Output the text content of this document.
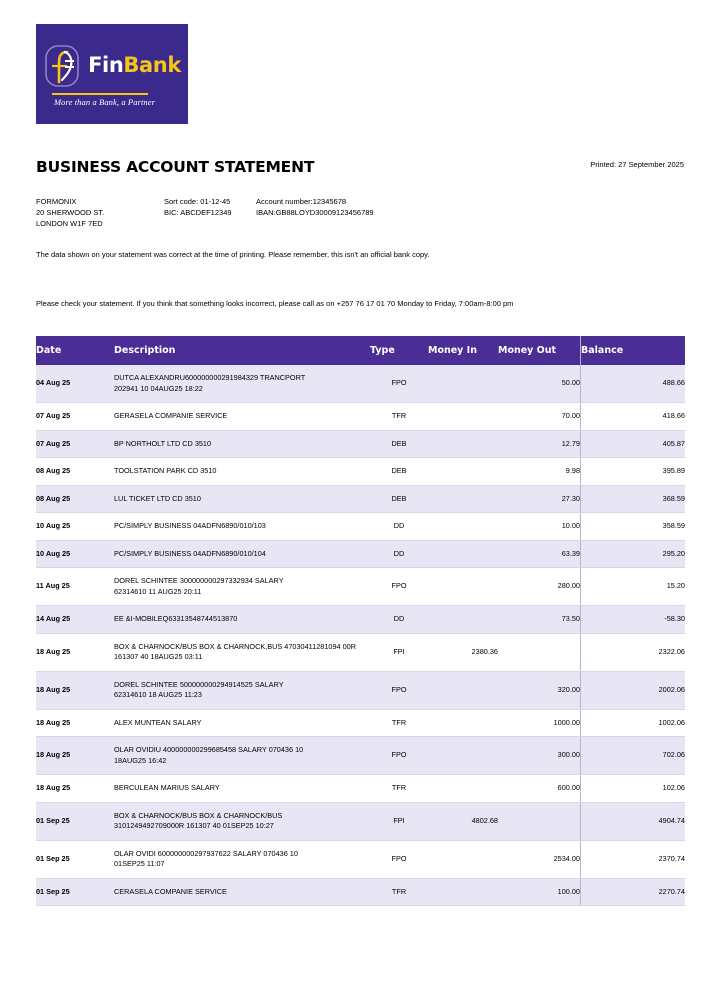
FinBank
More than a Bank, a Partner
BUSINESS ACCOUNT STATEMENT	Printed: 27 September 2025
FORMONIX
20 SHERWOOD ST.
LONDON W1F 7ED
Sort code: 01-12-45	Account number:12345678
BIC: ABCDEF12349	IBAN:GB88LOYD30009123456789
The data shown on your statement was correct at the time of printing. Please remember, this isn't an official bank copy.
Please check your statement. If you think that something looks incorrect, please call as on +257 76 17 01 70 Monday to Friday, 7:00am-8:00 pm
Date	Description	Type	Money In	Money Out	Balance
04 Aug 25	DUTCA ALEXANDRU600000000291984329 TRANCPORT
202941 10 04AUG25 18:22	FPO		50.00	488.66
07 Aug 25	GERASELA COMPANIE SERVICE	TFR		70.00	418.66
07 Aug 25	BP NORTHOLT LTD CD 3510	DEB		12.79	405.87
08 Aug 25	TOOLSTATION PARK CD 3510	DEB		9.98	395.89
08 Aug 25	LUL TICKET LTD CD 3510	DEB		27.30	368.59
10 Aug 25	PC/SIMPLY BUSINESS 04ADFN6890/010/103	DD		10.00	358.59
10 Aug 25	PC/SIMPLY BUSINESS 04ADFN6890/010/104	DD		63.39	295.20
11 Aug 25	DOREL SCHINTEE 300000000297332934 SALARY
62314610 11 AUG25 20:11	FPO		280.00	15.20
14 Aug 25	EE &I-MOBILEQ63313548744513870	DD		73.50	-58.30
18 Aug 25	BOX & CHARNOCK/BUS BOX & CHARNOCK,BUS 47030411281094 00R
161307 40 18AUG25 03:11	FPI	2380.36		2322.06
18 Aug 25	DOREL SCHINTEE 500000000294914525 SALARY
62314610 18 AUG25 11:23	FPO		320.00	2002.06
18 Aug 25	ALEX MUNTEAN SALARY	TFR		1000.00	1002.06
18 Aug 25	OLAR OVIDIU 400000000299685458 SALARY 070436 10
18AUG25 16:42	FPO		300.00	702.06
18 Aug 25	BERCULEAN MARIUS SALARY	TFR		600.00	102.06
01 Sep 25	BOX & CHARNOCK/BUS BOX & CHARNOCK/BUS
3101249492709000R 161307 40 01SEP25 10:27	FPI	4802.68		4904.74
01 Sep 25	OLAR OVIDI 600000000297937622 SALARY 070436 10
01SEP25 11:07	FPO		2534.00	2370.74
01 Sep 25	CERASELA COMPANIE SERVICE	TFR		100.00	2270.74
